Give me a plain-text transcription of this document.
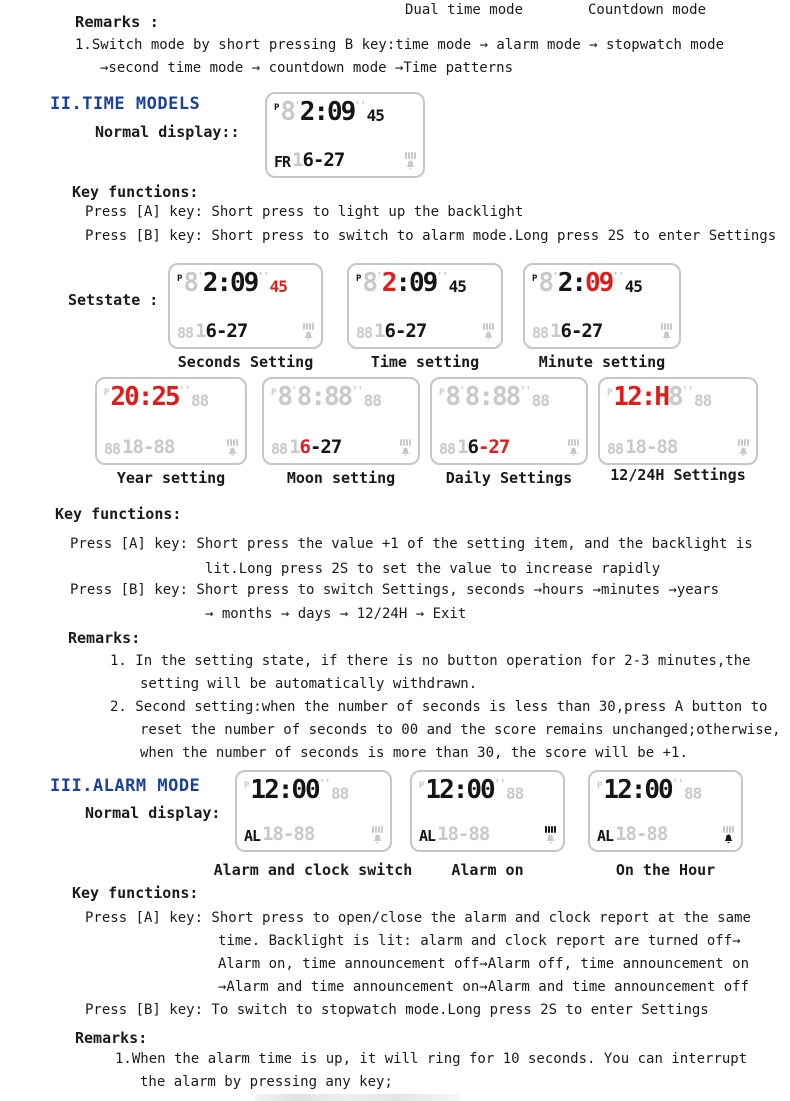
Dual time mode	Countdown mode
Remarks :
1.Switch mode by short pressing B key:time mode → alarm mode → stopwatch mode
→second time mode → countdown mode →Time patterns
II.TIME MODELS
Normal display::
P 8 ' 2:09 ''
45
FR 1 6-27
Key functions:
Press [A] key: Short press to light up the backlight
Press [B] key: Short press to switch to alarm mode.Long press 2S to enter Settings
Setstate :
P 8 ' 2:09 ''
45
88 1 6-27
P 8 ' 2 :09 ''
45
88 1 6-27
P 8 ' 2: 09 ''
45
88 1 6-27
Seconds Setting	Time setting	Minute setting
P 20:25 ''
88
88 18-88
P 8 ' 8:88 ''
88
88 1 6 -27
P 8 ' 8:88 ''
88
88 1 6 -27
P 12: H 8 ''
88
88 18-88
Year setting	Moon setting	Daily Settings	12/24H Settings
Key functions:
Press [A] key: Short press the value +1 of the setting item, and the backlight is
lit.Long press 2S to set the value to increase rapidly
Press [B] key: Short press to switch Settings, seconds →hours →minutes →years
→ months → days → 12/24H → Exit
Remarks:
1. In the setting state, if there is no button operation for 2-3 minutes,the
setting will be automatically withdrawn.
2. Second setting:when the number of seconds is less than 30,press A button to
reset the number of seconds to 00 and the score remains unchanged;otherwise,
when the number of seconds is more than 30, the score will be +1.
III.ALARM MODE
Normal display:
P 12:00 ''
88
AL 18-88
P 12:00 ''
88
AL 18-88
P 12:00 ''
88
AL 18-88
Alarm and clock switch	Alarm on	On the Hour
Key functions:
Press [A] key: Short press to open/close the alarm and clock report at the same
time. Backlight is lit: alarm and clock report are turned off→
Alarm on, time announcement off→Alarm off, time announcement on
→Alarm and time announcement on→Alarm and time announcement off
Press [B] key: To switch to stopwatch mode.Long press 2S to enter Settings
Remarks:
1.When the alarm time is up, it will ring for 10 seconds. You can interrupt
the alarm by pressing any key;
